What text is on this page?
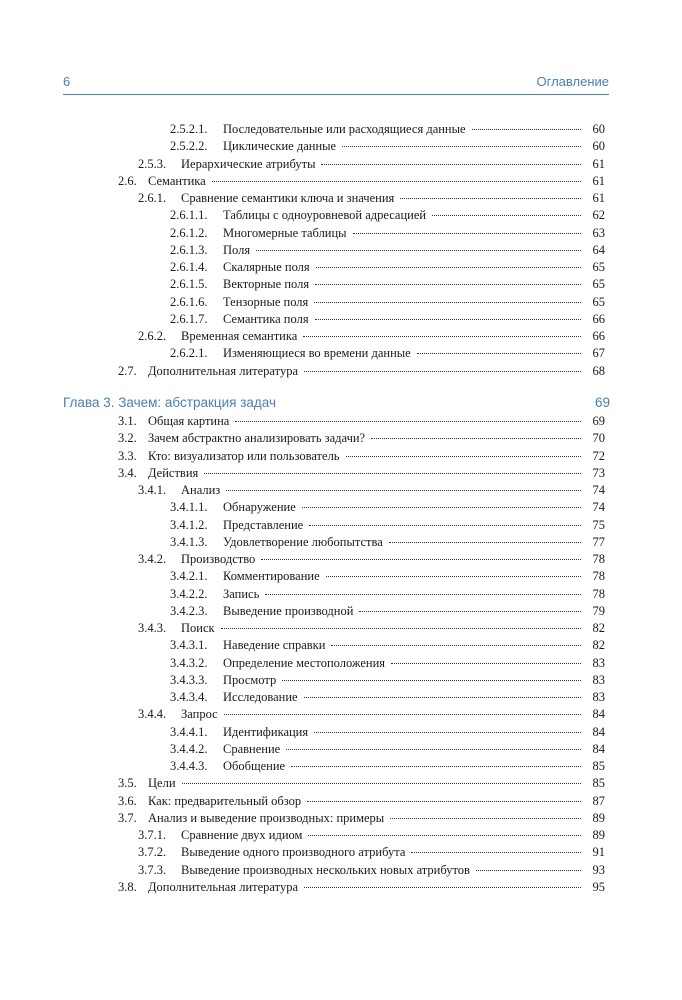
6	Оглавление
Глава 3. Зачем: абстракция задач	69
2.5.2.1.	Последовательные или расходящиеся данные	60
2.5.2.2.	Циклические данные	60
2.5.3.	Иерархические атрибуты	61
2.6. Семантика	61
2.6.1.	Сравнение семантики ключа и значения	61
2.6.1.1.	Таблицы с одноуровневой адресацией	62
2.6.1.2.	Многомерные таблицы	63
2.6.1.3.	Поля	64
2.6.1.4.	Скалярные поля	65
2.6.1.5.	Векторные поля	65
2.6.1.6.	Тензорные поля	65
2.6.1.7.	Семантика поля	66
2.6.2.	Временная семантика	66
2.6.2.1.	Изменяющиеся во времени данные	67
2.7. Дополнительная литература	68
3.1. Общая картина	69
3.2. Зачем абстрактно анализировать задачи?	70
3.3. Кто: визуализатор или пользователь	72
3.4. Действия	73
3.4.1.	Анализ	74
3.4.1.1.	Обнаружение	74
3.4.1.2.	Представление	75
3.4.1.3.	Удовлетворение любопытства	77
3.4.2.	Производство	78
3.4.2.1.	Комментирование	78
3.4.2.2.	Запись	78
3.4.2.3.	Выведение производной	79
3.4.3.	Поиск	82
3.4.3.1.	Наведение справки	82
3.4.3.2.	Определение местоположения	83
3.4.3.3.	Просмотр	83
3.4.3.4.	Исследование	83
3.4.4.	Запрос	84
3.4.4.1.	Идентификация	84
3.4.4.2.	Сравнение	84
3.4.4.3.	Обобщение	85
3.5. Цели	85
3.6. Как: предварительный обзор	87
3.7. Анализ и выведение производных: примеры	89
3.7.1.	Сравнение двух идиом	89
3.7.2.	Выведение одного производного атрибута	91
3.7.3.	Выведение производных нескольких новых атрибутов	93
3.8. Дополнительная литература	95
